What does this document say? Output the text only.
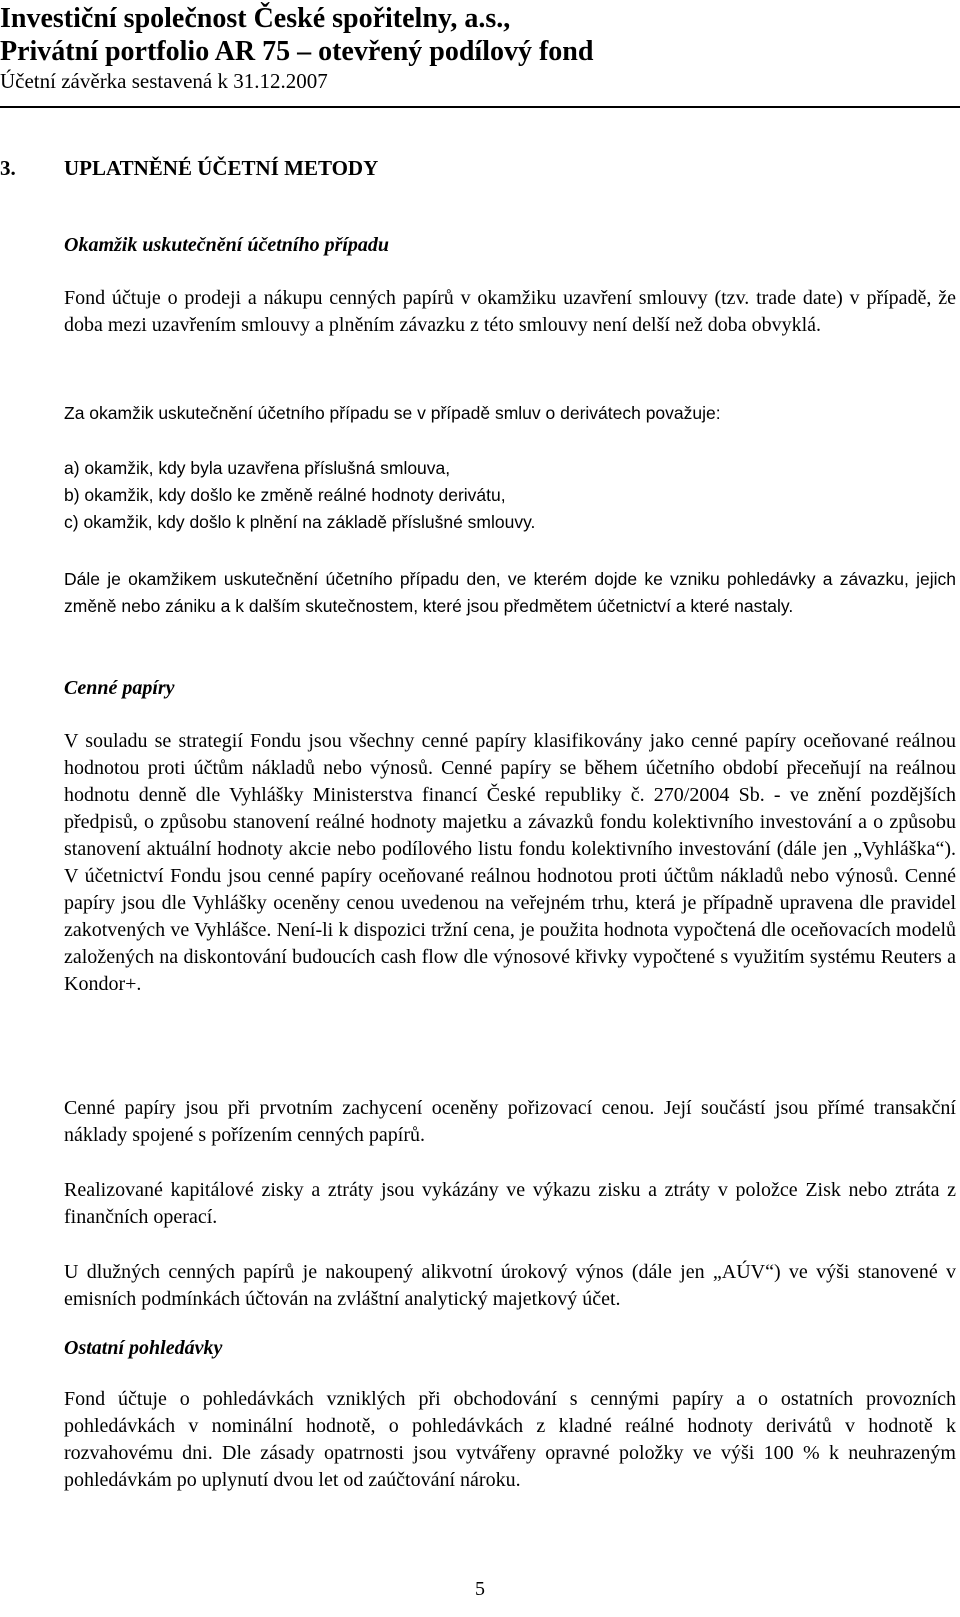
Investiční společnost České spořitelny, a.s.,

Privátní portfolio AR 75 – otevřený podílový fond

Účetní závěrka sestavená k 31.12.2007

3. UPLATNĚNÉ ÚČETNÍ METODY

Okamžik uskutečnění účetního případu

Fond účtuje o prodeji a nákupu cenných papírů v okamžiku uzavření smlouvy (tzv. trade date) v případě, že doba mezi uzavřením smlouvy a plněním závazku z této smlouvy není delší než doba obvyklá.

Za okamžik uskutečnění účetního případu se v případě smluv o derivátech považuje:

a) okamžik, kdy byla uzavřena příslušná smlouva,

b) okamžik, kdy došlo ke změně reálné hodnoty derivátu,

c) okamžik, kdy došlo k plnění na základě příslušné smlouvy.

Dále je okamžikem uskutečnění účetního případu den, ve kterém dojde ke vzniku pohledávky a závazku, jejich změně nebo zániku a k dalším skutečnostem, které jsou předmětem účetnictví a které nastaly.

Cenné papíry

V souladu se strategií Fondu jsou všechny cenné papíry klasifikovány jako cenné papíry oceňované reálnou hodnotou proti účtům nákladů nebo výnosů. Cenné papíry se během účetního období přeceňují na reálnou hodnotu denně dle Vyhlášky Ministerstva financí České republiky č. 270/2004 Sb. - ve znění pozdějších předpisů, o způsobu stanovení reálné hodnoty majetku a závazků fondu kolektivního investování a o způsobu stanovení aktuální hodnoty akcie nebo podílového listu fondu kolektivního investování (dále jen „Vyhláška“). V účetnictví Fondu jsou cenné papíry oceňované reálnou hodnotou proti účtům nákladů nebo výnosů. Cenné papíry jsou dle Vyhlášky oceněny cenou uvedenou na veřejném trhu, která je případně upravena dle pravidel zakotvených ve Vyhlášce. Není-li k dispozici tržní cena, je použita hodnota vypočtená dle oceňovacích modelů založených na diskontování budoucích cash flow dle výnosové křivky vypočtené s využitím systému Reuters a Kondor+.

Cenné papíry jsou při prvotním zachycení oceněny pořizovací cenou. Její součástí jsou přímé transakční náklady spojené s pořízením cenných papírů.

Realizované kapitálové zisky a ztráty jsou vykázány ve výkazu zisku a ztráty v položce Zisk nebo ztráta z finančních operací.

U dlužných cenných papírů je nakoupený alikvotní úrokový výnos (dále jen „AÚV“) ve výši stanovené v emisních podmínkách účtován na zvláštní analytický majetkový účet.

Ostatní pohledávky

Fond účtuje o pohledávkách vzniklých při obchodování s cennými papíry a o ostatních provozních pohledávkách v nominální hodnotě, o pohledávkách z kladné reálné hodnoty derivátů v hodnotě k rozvahovému dni. Dle zásady opatrnosti jsou vytvářeny opravné položky ve výši 100 % k neuhrazeným pohledávkám po uplynutí dvou let od zaúčtování nároku.

5
